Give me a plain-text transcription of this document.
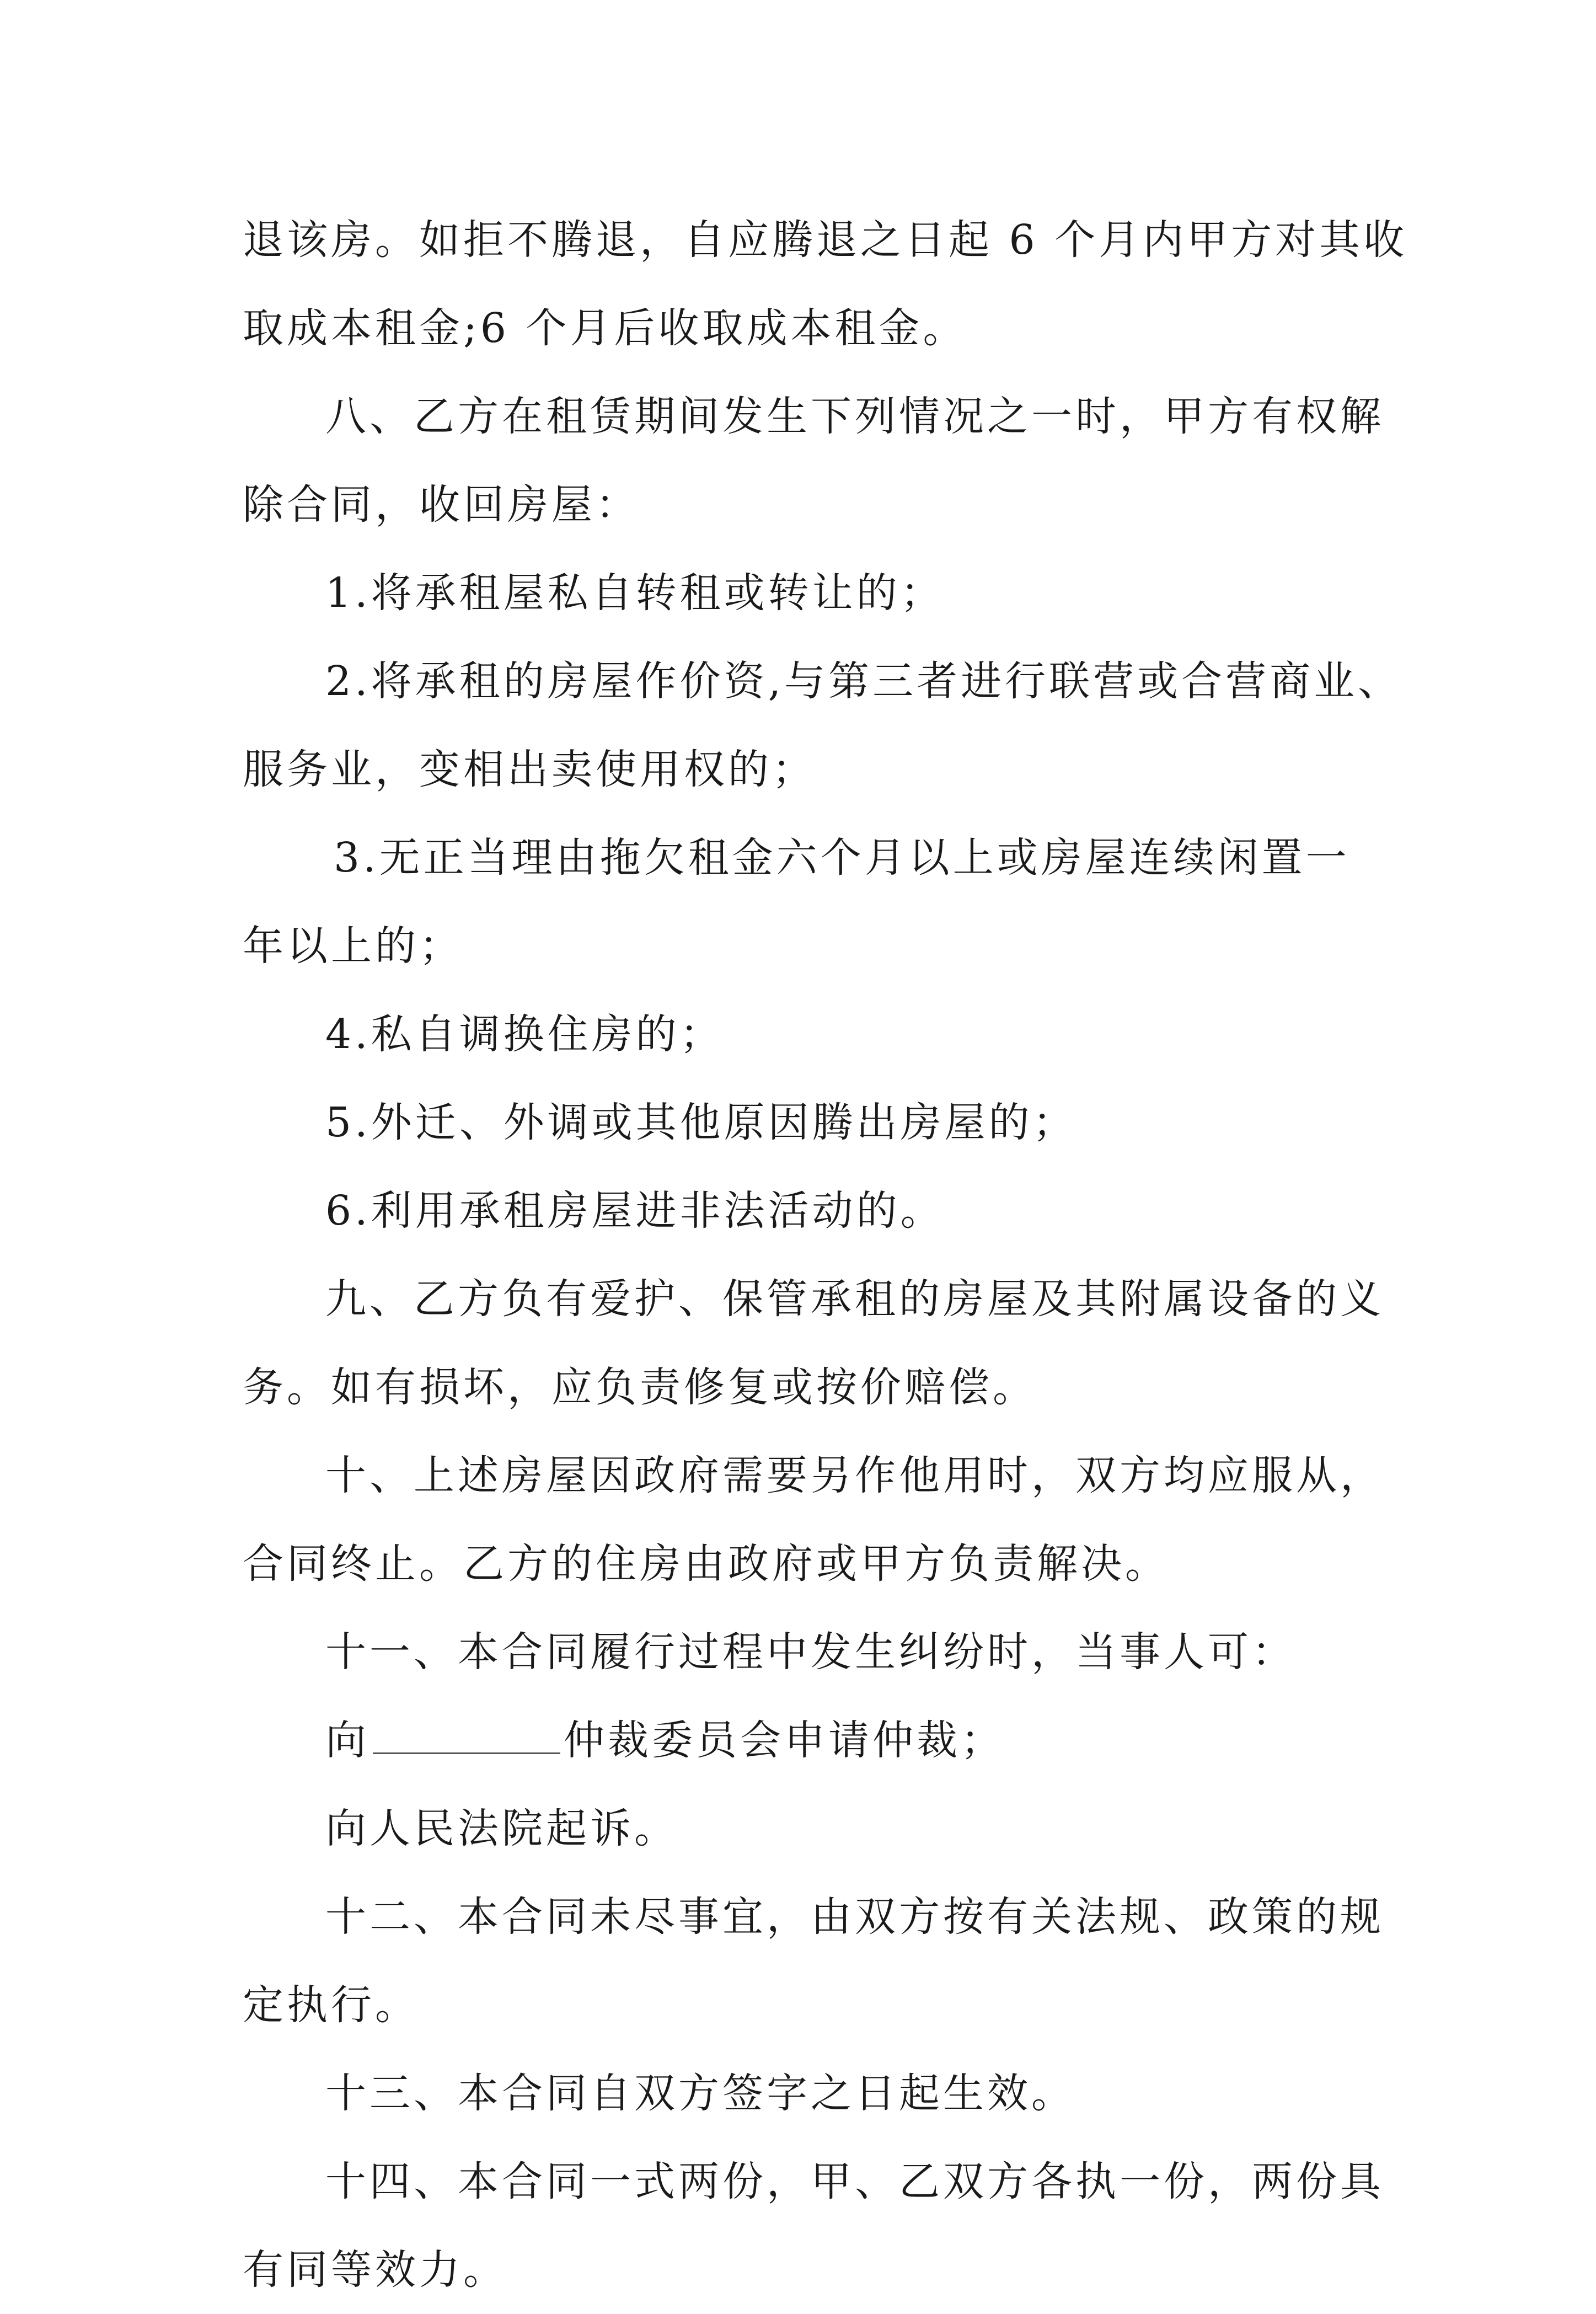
退该房。如拒不腾退，自应腾退之日起 6 个月内甲方对其收
取成本租金;6 个月后收取成本租金。
八、乙方在租赁期间发生下列情况之一时，甲方有权解
除合同，收回房屋：
1.将承租屋私自转租或转让的；
2.将承租的房屋作价资,与第三者进行联营或合营商业、
服务业，变相出卖使用权的；
3.无正当理由拖欠租金六个月以上或房屋连续闲置一
年以上的；
4.私自调换住房的；
5.外迁、外调或其他原因腾出房屋的；
6.利用承租房屋进非法活动的。
九、乙方负有爱护、保管承租的房屋及其附属设备的义
务。如有损坏，应负责修复或按价赔偿。
十、上述房屋因政府需要另作他用时，双方均应服从，
合同终止。乙方的住房由政府或甲方负责解决。
十一、本合同履行过程中发生纠纷时，当事人可：
向	仲裁委员会申请仲裁；
向人民法院起诉。
十二、本合同未尽事宜，由双方按有关法规、政策的规
定执行。
十三、本合同自双方签字之日起生效。
十四、本合同一式两份，甲、乙双方各执一份，两份具
有同等效力。
